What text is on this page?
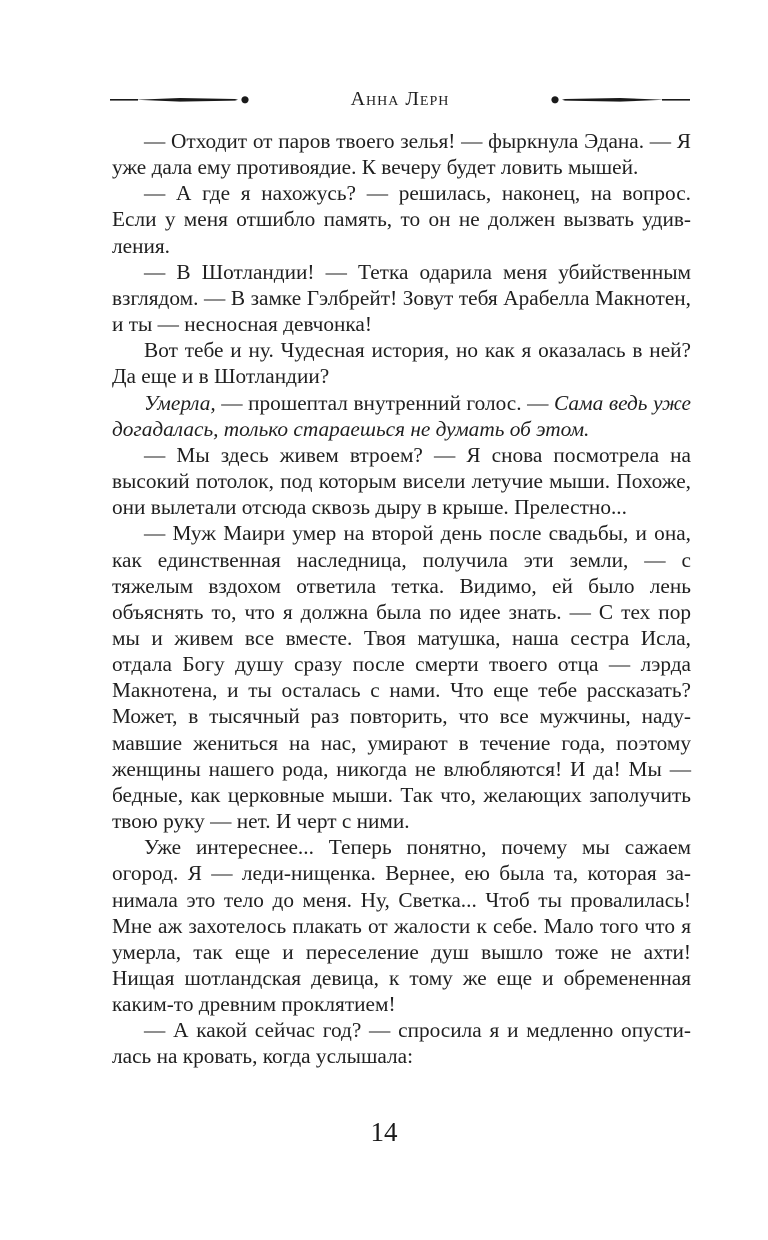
Анна Лерн

— Отходит от паров твоего зелья! — фыркнула Эдана. — Я уже дала ему противоядие. К вечеру будет ловить мышей.

— А где я нахожусь? — решилась, наконец, на вопрос. Если у меня отшибло память, то он не должен вызвать удивления.

— В Шотландии! — Тетка одарила меня убийственным взглядом. — В замке Гэлбрейт! Зовут тебя Арабелла Макнотен, и ты — несносная девчонка!

Вот тебе и ну. Чудесная история, но как я оказалась в ней? Да еще и в Шотландии?

Умерла, — прошептал внутренний голос. — Сама ведь уже догадалась, только стараешься не думать об этом.

— Мы здесь живем втроем? — Я снова посмотрела на высокий потолок, под которым висели летучие мыши. Похоже, они вылетали отсюда сквозь дыру в крыше. Прелестно...

— Муж Маири умер на второй день после свадьбы, и она, как единственная наследница, получила эти земли, — с тяжелым вздохом ответила тетка. Видимо, ей было лень объяснять то, что я должна была по идее знать. — С тех пор мы и живем все вместе. Твоя матушка, наша сестра Исла, отдала Богу душу сразу после смерти твоего отца — лэрда Макнотена, и ты осталась с нами. Что еще тебе рассказать? Может, в тысячный раз повторить, что все мужчины, надумавшие жениться на нас, умирают в течение года, поэтому женщины нашего рода, никогда не влюбляются! И да! Мы — бедные, как церковные мыши. Так что, желающих заполучить твою руку — нет. И черт с ними.

Уже интереснее... Теперь понятно, почему мы сажаем огород. Я — леди-нищенка. Вернее, ею была та, которая занимала это тело до меня. Ну, Светка... Чтоб ты провалилась! Мне аж захотелось плакать от жалости к себе. Мало того что я умерла, так еще и переселение душ вышло тоже не ахти! Нищая шотландская девица, к тому же еще и обремененная каким-то древним проклятием!

— А какой сейчас год? — спросила я и медленно опустилась на кровать, когда услышала:

14
